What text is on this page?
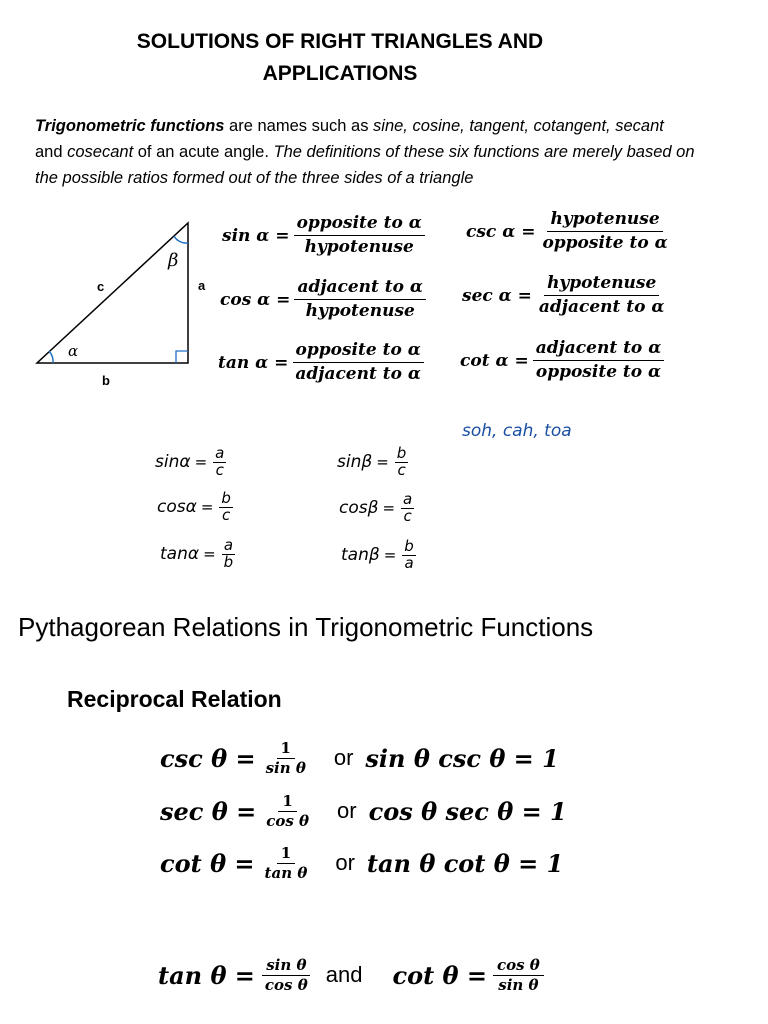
SOLUTIONS OF RIGHT TRIANGLES AND
APPLICATIONS
Trigonometric functions are names such as sine, cosine, tangent, cotangent, secant and cosecant of an acute angle. The definitions of these six functions are merely based on the possible ratios formed out of the three sides of a triangle
c	a
b
α
β
$\sin \alpha = \frac{\text{opposite to α}}{\text{hypotenuse}}$
$\cos \alpha = \frac{\text{adjacent to α}}{\text{hypotenuse}}$
$\tan \alpha = \frac{\text{opposite to α}}{\text{adjacent to α}}$
$\csc \alpha = \frac{\text{hypotenuse}}{\text{opposite to α}}$
$\sec \alpha = \frac{\text{hypotenuse}}{\text{adjacent to α}}$
$\cot \alpha = \frac{\text{adjacent to α}}{\text{opposite to α}}$
soh, cah, toa
$\sin\alpha = \frac{a}{c}$
$\cos\alpha = \frac{b}{c}$
$\tan\alpha = \frac{a}{b}$
$\sin\beta = \frac{b}{c}$
$\cos\beta = \frac{a}{c}$
$\tan\beta = \frac{b}{a}$
Pythagorean Relations in Trigonometric Functions
Reciprocal Relation
$\csc \theta = \frac{1}{\text{sin θ}}$ or sin θ csc θ = 1
$\sec \theta = \frac{1}{\text{cos θ}}$ or cos θ sec θ = 1
$\cot \theta = \frac{1}{\text{tan θ}}$ or tan θ cot θ = 1
$\tan \theta = \frac{\text{sin θ}}{\text{cos θ}}$ and $\cot \theta = \frac{\text{cos θ}}{\text{sin θ}}$
